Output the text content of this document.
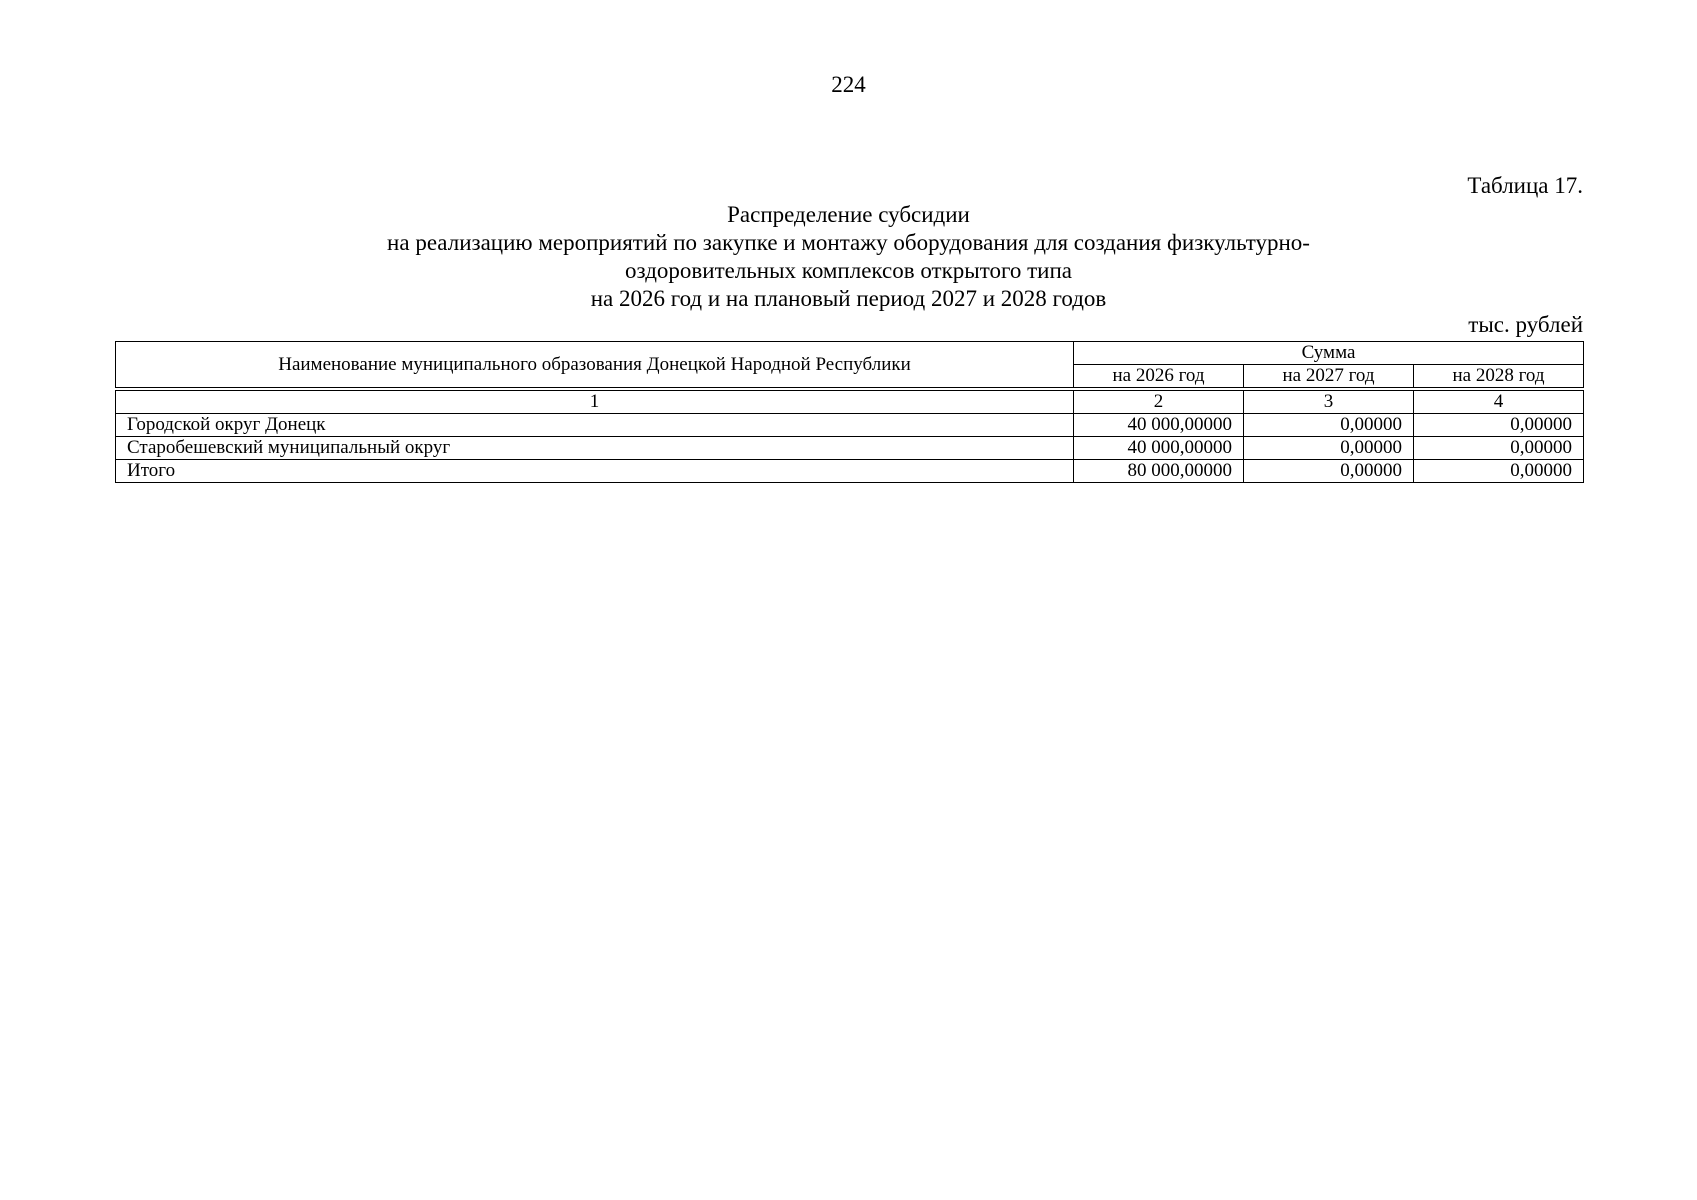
224
Таблица 17.
Распределение субсидии
на реализацию мероприятий по закупке и монтажу оборудования для создания физкультурно-
оздоровительных комплексов открытого типа
на 2026 год и на плановый период 2027 и 2028 годов
тыс. рублей
Наименование муниципального образования Донецкой Народной Республики	Сумма		
	на 2026 год	на 2027 год	на 2028 год

1	2	3	4
Городской округ Донецк	40 000,00000	0,00000	0,00000
Старобешевский муниципальный округ	40 000,00000	0,00000	0,00000
Итого	80 000,00000	0,00000	0,00000
